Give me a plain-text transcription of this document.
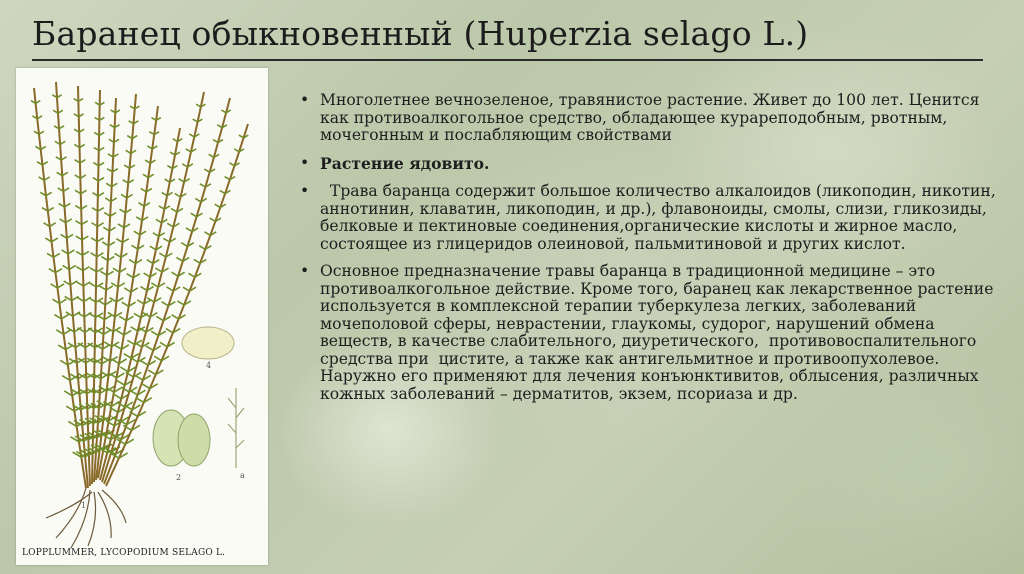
Баранец обыкновенный (Huperzia selago L.)
1
2
4
a
LOPPLUMMER, LYCOPODIUM SELAGO L.
• Многолетнее вечнозеленое, травянистое растение. Живет до 100 лет. Ценится как противоалкогольное средство, обладающее курареподобным, рвотным, мочегонным и послабляющим свойствами
• Растение ядовито.
• Трава баранца содержит большое количество алкалоидов (ликоподин, никотин, аннотинин, клаватин, ликоподин, и др.), флавоноиды, смолы, слизи, гликозиды, белковые и пектиновые соединения,органические кислоты и жирное масло, состоящее из глицеридов олеиновой, пальмитиновой и других кислот.
• Основное предназначение травы баранца в традиционной медицине – это противоалкогольное действие. Кроме того, баранец как лекарственное растение используется в комплексной терапии туберкулеза легких, заболеваний мочеполовой сферы, неврастении, глаукомы, судорог, нарушений обмена веществ, в качестве слабительного, диуретического,  противовоспалительного средства при  цистите, а также как антигельмитное и противоопухолевое. Наружно его применяют для лечения конъюнктивитов, облысения, различных кожных заболеваний – дерматитов, экзем, псориаза и др.
